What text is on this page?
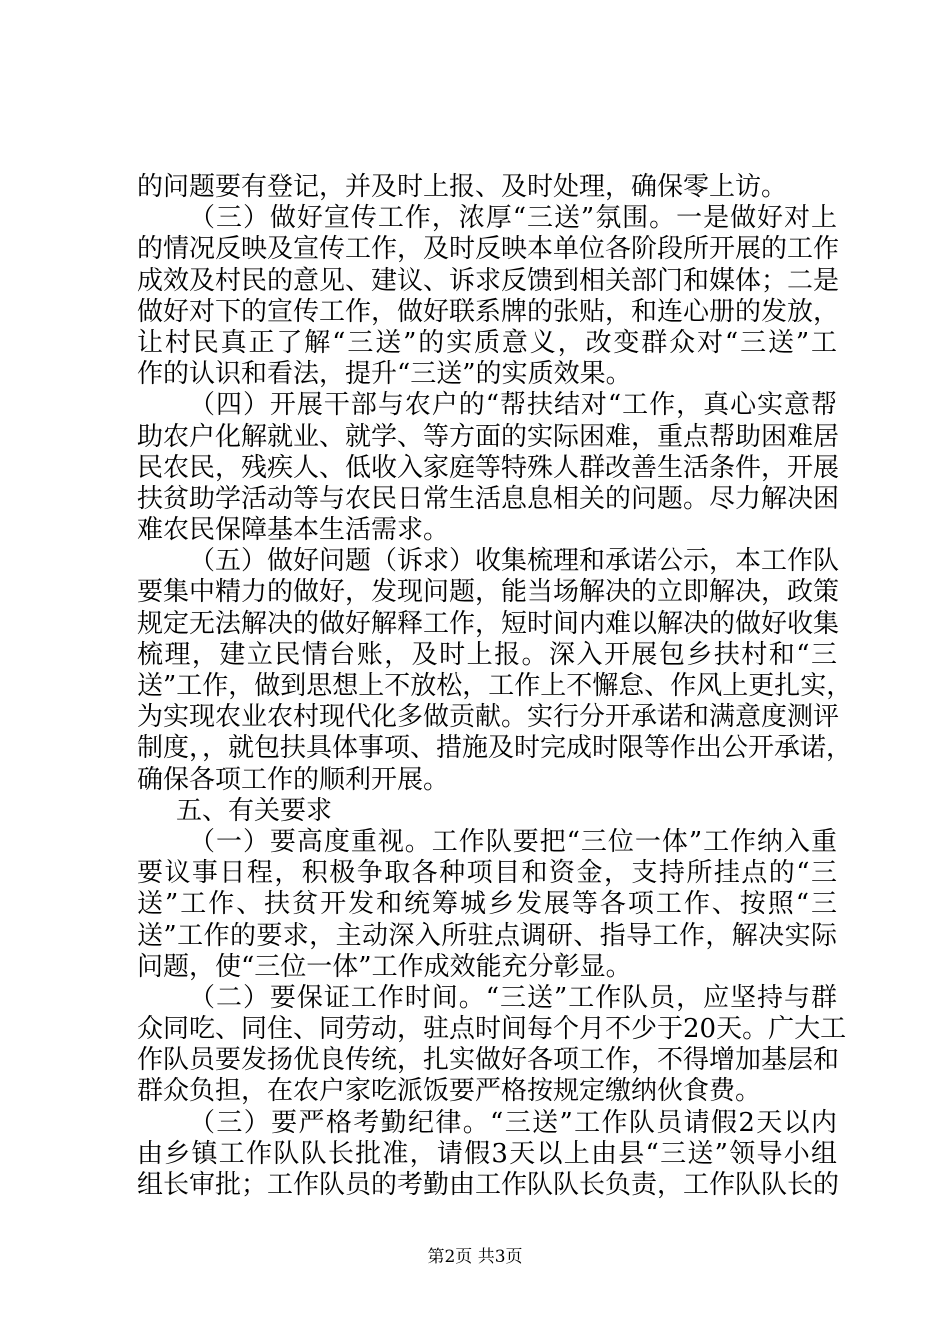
的问题要有登记，并及时上报、及时处理，确保零上访。
（三）做好宣传工作，浓厚“三送”氛围。一是做好对上
的情况反映及宣传工作，及时反映本单位各阶段所开展的工作
成效及村民的意见、建议、诉求反馈到相关部门和媒体；二是
做好对下的宣传工作，做好联系牌的张贴，和连心册的发放，
让村民真正了解“三送”的实质意义，改变群众对“三送”工
作的认识和看法，提升“三送”的实质效果。
（四）开展干部与农户的“帮扶结对“工作，真心实意帮
助农户化解就业、就学、等方面的实际困难，重点帮助困难居
民农民，残疾人、低收入家庭等特殊人群改善生活条件，开展
扶贫助学活动等与农民日常生活息息相关的问题。尽力解决困
难农民保障基本生活需求。
（五）做好问题（诉求）收集梳理和承诺公示，本工作队
要集中精力的做好，发现问题，能当场解决的立即解决，政策
规定无法解决的做好解释工作，短时间内难以解决的做好收集
梳理，建立民情台账，及时上报。深入开展包乡扶村和“三
送”工作，做到思想上不放松，工作上不懈怠、作风上更扎实，
为实现农业农村现代化多做贡献。实行分开承诺和满意度测评
制度，，就包扶具体事项、措施及时完成时限等作出公开承诺，
确保各项工作的顺利开展。
五、有关要求
（一）要高度重视。工作队要把“三位一体”工作纳入重
要议事日程，积极争取各种项目和资金，支持所挂点的“三
送”工作、扶贫开发和统筹城乡发展等各项工作、按照“三
送”工作的要求，主动深入所驻点调研、指导工作，解决实际
问题，使“三位一体”工作成效能充分彰显。
（二）要保证工作时间。“三送”工作队员，应坚持与群
众同吃、同住、同劳动，驻点时间每个月不少于20天。广大工
作队员要发扬优良传统，扎实做好各项工作，不得增加基层和
群众负担，在农户家吃派饭要严格按规定缴纳伙食费。
（三）要严格考勤纪律。“三送”工作队员请假2天以内
由乡镇工作队队长批准，请假3天以上由县“三送”领导小组
组长审批；工作队员的考勤由工作队队长负责，工作队队长的
第2页 共3页
